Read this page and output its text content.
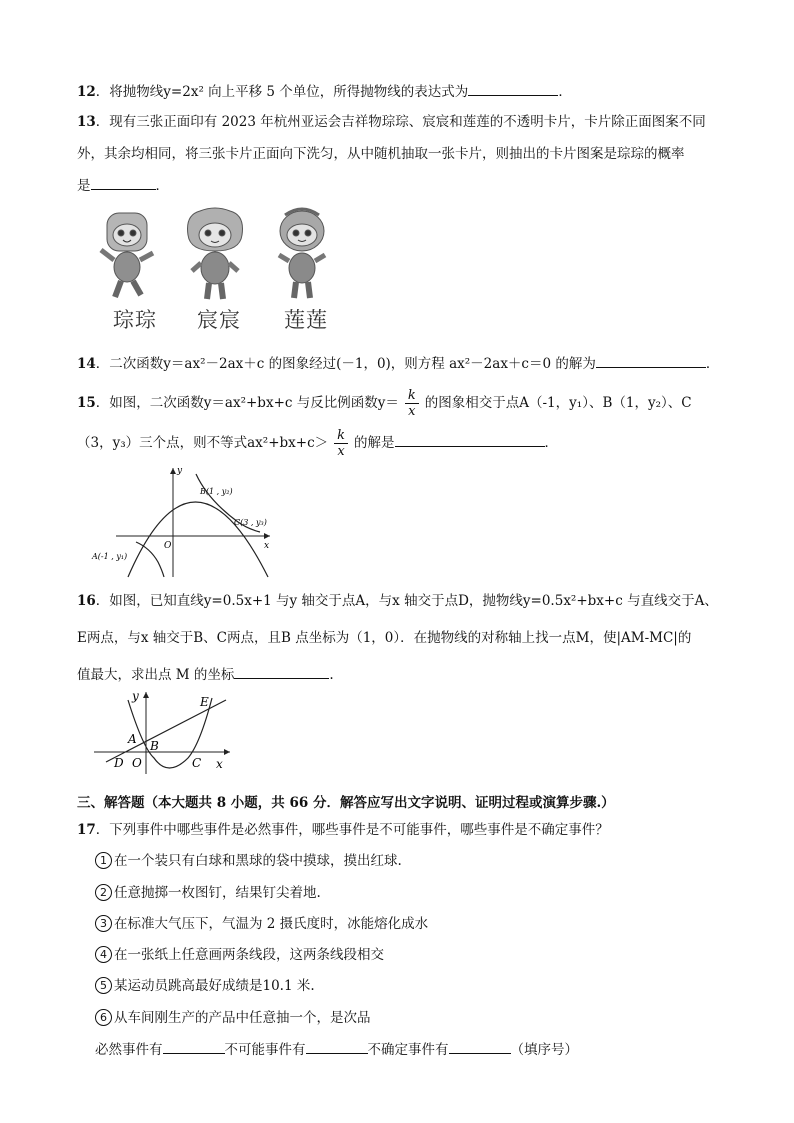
12．将抛物线y=2x² 向上平移 5 个单位，所得抛物线的表达式为	．
13．现有三张正面印有 2023 年杭州亚运会吉祥物琮琮、宸宸和莲莲的不透明卡片，卡片除正面图案不同
外，其余均相同，将三张卡片正面向下洗匀，从中随机抽取一张卡片，则抽出的卡片图案是琮琮的概率
是	．
琮琮 宸宸 莲莲
14．二次函数y＝ax²－2ax＋c 的图象经过(－1，0)，则方程 ax²－2ax＋c＝0 的解为	．
15．如图，二次函数y＝ax²+bx+c 与反比例函数$y= \frac{k}{x}$ 的图象相交于点A（-1，y₁）、B（1，y₂）、C
（3，y₃）三个点，则不等式$ax^2+bx+c> \frac{k}{x}$ 的解是	．
y
x
O
B(1 , y₂)
C(3 , y₃)
A(-1 , y₁)
16．如图，已知直线y=0.5x+1 与y 轴交于点A，与x 轴交于点D，抛物线y=0.5x²+bx+c 与直线交于A、
E两点，与x 轴交于B、C两点，且B 点坐标为（1，0）．在抛物线的对称轴上找一点M，使|AM-MC|的
值最大，求出点 M 的坐标	.
y
x
A B
C
D
E
O
三、解答题（本大题共 8 小题，共 66 分．解答应写出文字说明、证明过程或演算步骤.）
17．下列事件中哪些事件是必然事件，哪些事件是不可能事件，哪些事件是不确定事件？
1 在一个装只有白球和黑球的袋中摸球，摸出红球.
2 任意抛掷一枚图钉，结果钉尖着地.
3 在标准大气压下，气温为 2 摄氏度时，冰能熔化成水
4 在一张纸上任意画两条线段，这两条线段相交
5 某运动员跳高最好成绩是10.1 米.
6 从车间刚生产的产品中任意抽一个，是次品
必然事件有	不可能事件有	不确定事件有	（填序号）
